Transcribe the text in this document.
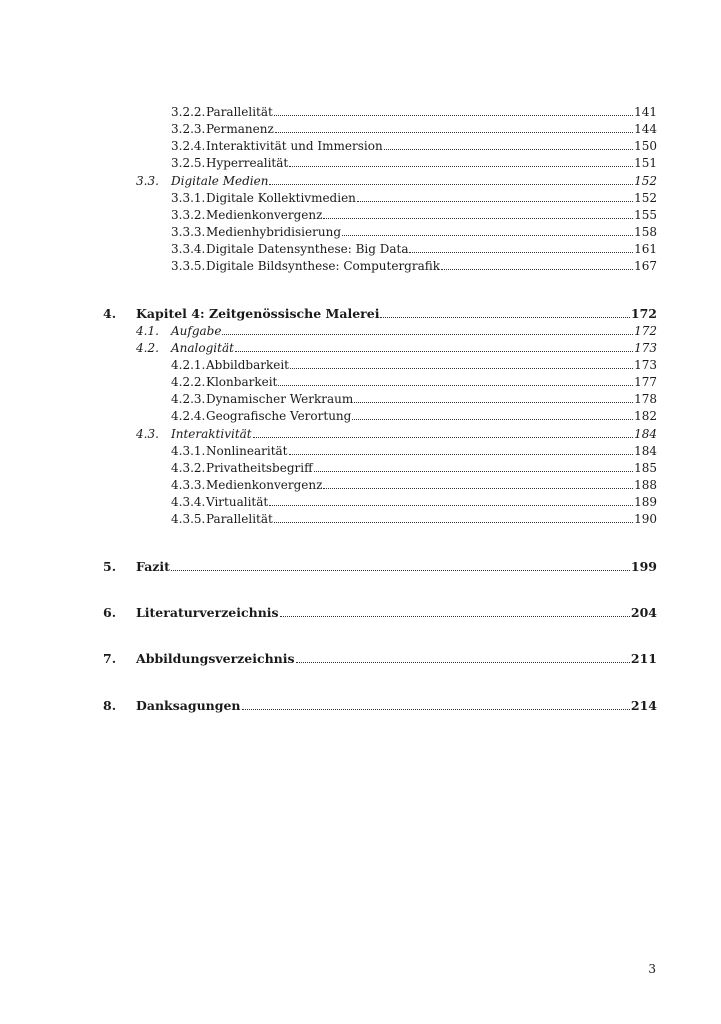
3.2.2.Parallelität	141
3.2.3.Permanenz	144
3.2.4.Interaktivität und Immersion	150
3.2.5.Hyperrealität	151
3.3. Digitale Medien	152
3.3.1.Digitale Kollektivmedien	152
3.3.2.Medienkonvergenz	155
3.3.3.Medienhybridisierung	158
3.3.4.Digitale Datensynthese: Big Data	161
3.3.5.Digitale Bildsynthese: Computergrafik	167
4. Kapitel 4: Zeitgenössische Malerei	172
4.1. Aufgabe	172
4.2. Analogität	173
4.2.1.Abbildbarkeit	173
4.2.2.Klonbarkeit	177
4.2.3.Dynamischer Werkraum	178
4.2.4.Geografische Verortung	182
4.3. Interaktivität	184
4.3.1.Nonlinearität	184
4.3.2.Privatheitsbegriff	185
4.3.3.Medienkonvergenz	188
4.3.4.Virtualität	189
4.3.5.Parallelität	190
5. Fazit	199
6. Literaturverzeichnis	204
7. Abbildungsverzeichnis	211
8. Danksagungen	214
3
